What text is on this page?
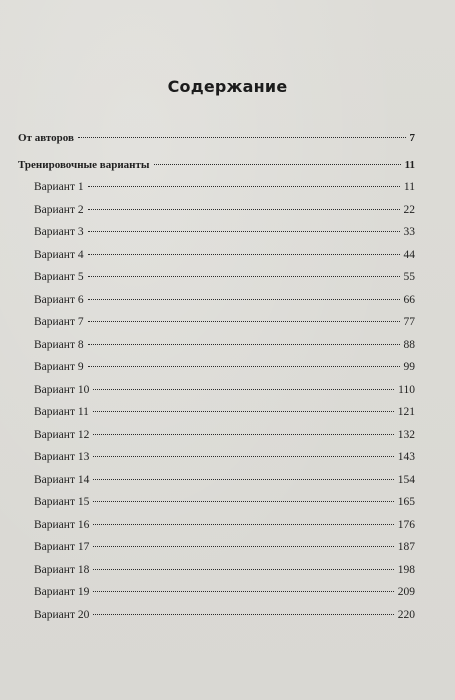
Содержание
От авторов	7
Тренировочные варианты	11
Вариант 1	11
Вариант 2	22
Вариант 3	33
Вариант 4	44
Вариант 5	55
Вариант 6	66
Вариант 7	77
Вариант 8	88
Вариант 9	99
Вариант 10	110
Вариант 11	121
Вариант 12	132
Вариант 13	143
Вариант 14	154
Вариант 15	165
Вариант 16	176
Вариант 17	187
Вариант 18	198
Вариант 19	209
Вариант 20	220
